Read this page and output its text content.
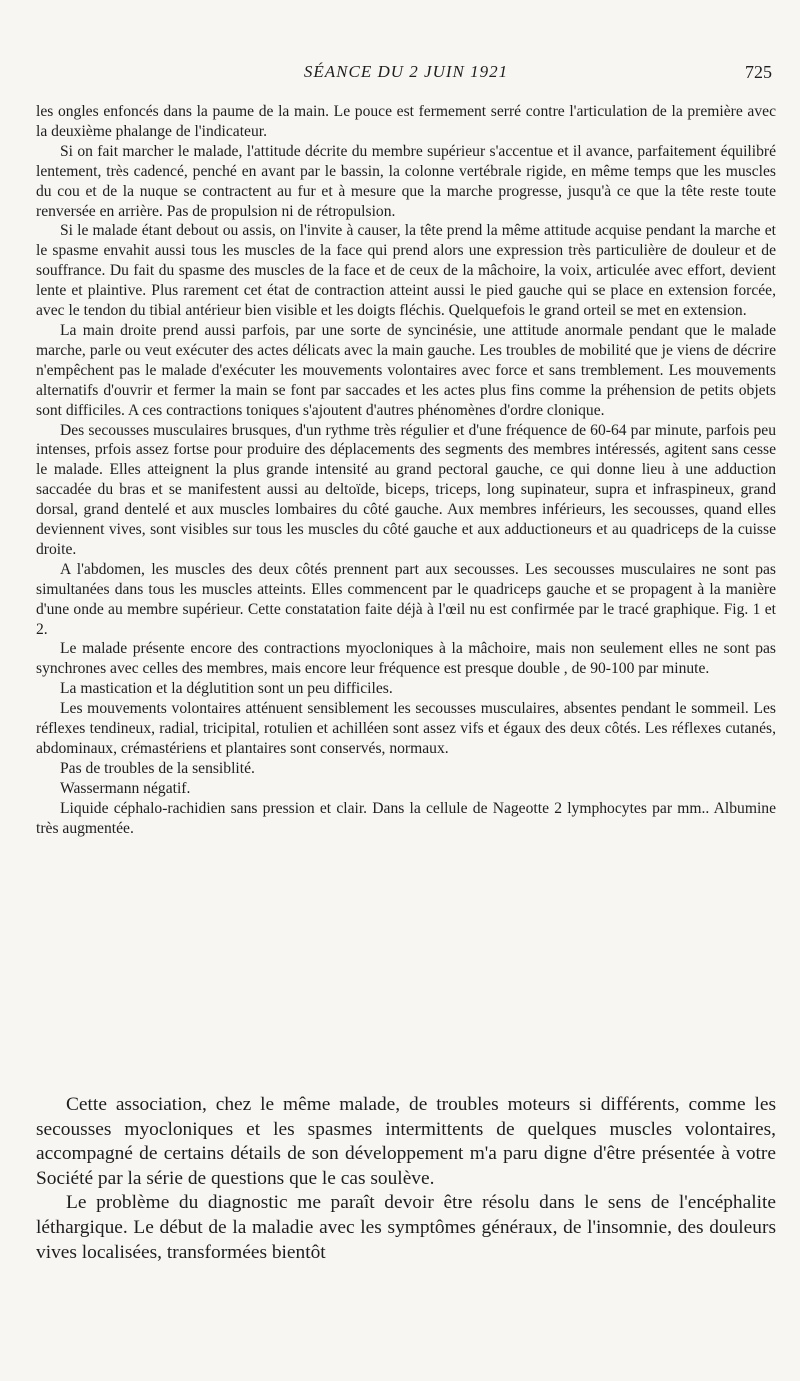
SÉANCE DU 2 JUIN 1921	725

les ongles enfoncés dans la paume de la main. Le pouce est fermement serré contre l'articulation de la première avec la deuxième phalange de l'indicateur.

Si on fait marcher le malade, l'attitude décrite du membre supérieur s'accentue et il avance, parfaitement équilibré lentement, très cadencé, penché en avant par le bassin, la colonne vertébrale rigide, en même temps que les muscles du cou et de la nuque se contractent au fur et à mesure que la marche progresse, jusqu'à ce que la tête reste toute renversée en arrière. Pas de propulsion ni de rétropulsion.

Si le malade étant debout ou assis, on l'invite à causer, la tête prend la même attitude acquise pendant la marche et le spasme envahit aussi tous les muscles de la face qui prend alors une expression très particulière de douleur et de souffrance. Du fait du spasme des muscles de la face et de ceux de la mâchoire, la voix, articulée avec effort, devient lente et plaintive. Plus rarement cet état de contraction atteint aussi le pied gauche qui se place en extension forcée, avec le tendon du tibial antérieur bien visible et les doigts fléchis. Quelquefois le grand orteil se met en extension.

La main droite prend aussi parfois, par une sorte de syncinésie, une attitude anormale pendant que le malade marche, parle ou veut exécuter des actes délicats avec la main gauche. Les troubles de mobilité que je viens de décrire n'empêchent pas le malade d'exécuter les mouvements volontaires avec force et sans tremblement. Les mouvements alternatifs d'ouvrir et fermer la main se font par saccades et les actes plus fins comme la préhension de petits objets sont difficiles. A ces contractions toniques s'ajoutent d'autres phénomènes d'ordre clonique.

Des secousses musculaires brusques, d'un rythme très régulier et d'une fréquence de 60-64 par minute, parfois peu intenses, prfois assez fortse pour produire des déplacements des segments des membres intéressés, agitent sans cesse le malade. Elles atteignent la plus grande intensité au grand pectoral gauche, ce qui donne lieu à une adduction saccadée du bras et se manifestent aussi au deltoïde, biceps, triceps, long supinateur, supra et infraspineux, grand dorsal, grand dentelé et aux muscles lombaires du côté gauche. Aux membres inférieurs, les secousses, quand elles deviennent vives, sont visibles sur tous les muscles du côté gauche et aux adductioneurs et au quadriceps de la cuisse droite.

A l'abdomen, les muscles des deux côtés prennent part aux secousses. Les secousses musculaires ne sont pas simultanées dans tous les muscles atteints. Elles commencent par le quadriceps gauche et se propagent à la manière d'une onde au membre supérieur. Cette constatation faite déjà à l'œil nu est confirmée par le tracé graphique. Fig. 1 et 2.

Le malade présente encore des contractions myocloniques à la mâchoire, mais non seulement elles ne sont pas synchrones avec celles des membres, mais encore leur fréquence est presque double , de 90-100 par minute.

La mastication et la déglutition sont un peu difficiles.

Les mouvements volontaires atténuent sensiblement les secousses musculaires, absentes pendant le sommeil. Les réflexes tendineux, radial, tricipital, rotulien et achilléen sont assez vifs et égaux des deux côtés. Les réflexes cutanés, abdominaux, crémastériens et plantaires sont conservés, normaux.

Pas de troubles de la sensiblité.

Wassermann négatif.

Liquide céphalo-rachidien sans pression et clair. Dans la cellule de Nageotte 2 lymphocytes par mm.. Albumine très augmentée.

Cette association, chez le même malade, de troubles moteurs si différents, comme les secousses myocloniques et les spasmes intermittents de quelques muscles volontaires, accompagné de certains détails de son développement m'a paru digne d'être présentée à votre Société par la série de questions que le cas soulève.

Le problème du diagnostic me paraît devoir être résolu dans le sens de l'encéphalite léthargique. Le début de la maladie avec les symptômes généraux, de l'insomnie, des douleurs vives localisées, transformées bientôt
